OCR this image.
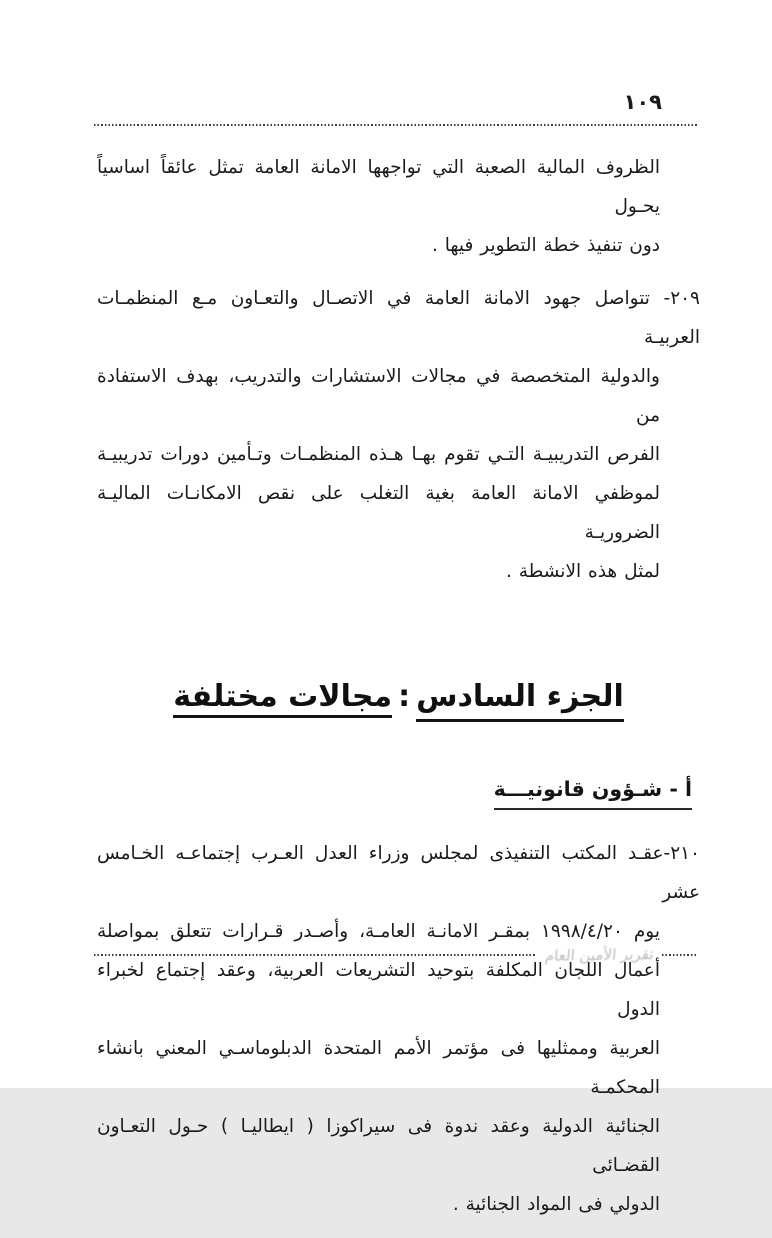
١٠٩
الظروف المالية الصعبة التي تواجهها الامانة العامة تمثل عائقاً اساسياً يحـول
دون تنفيذ خطة التطوير فيها .
٢٠٩- تتواصل جهود الامانة العامة في الاتصـال والتعـاون مـع المنظمـات العربيـة
والدولية المتخصصة في مجالات الاستشارات والتدريب، بهدف الاستفادة من
الفرص التدريبيـة التـي تقوم بهـا هـذه المنظمـات وتـأمين دورات تدريبيـة
لموظفي الامانة العامة بغية التغلب على نقص الامكانـات الماليـة الضروريـة
لمثل هذه الانشطة .
الجزء السادس:مجالات مختلفة
أ - شـؤون قانونيـــة
٢١٠-عقـد المكتب التنفيذى لمجلس وزراء العدل العـرب إجتماعـه الخـامس عشر
يوم ١٩٩٨/٤/٢٠ بمقـر الامانـة العامـة، وأصـدر قـرارات تتعلق بمواصلة
أعمال اللجان المكلفة بتوحيد التشريعات العربية، وعقد إجتماع لخبراء الدول
العربية وممثليها فى مؤتمر الأمم المتحدة الدبلوماسـي المعني بانشاء المحكمـة
الجنائية الدولية وعقد ندوة فى سيراكوزا ( ايطاليـا ) حـول التعـاون القضـائى
الدولي فى المواد الجنائية .
تقرير الأمين العام
